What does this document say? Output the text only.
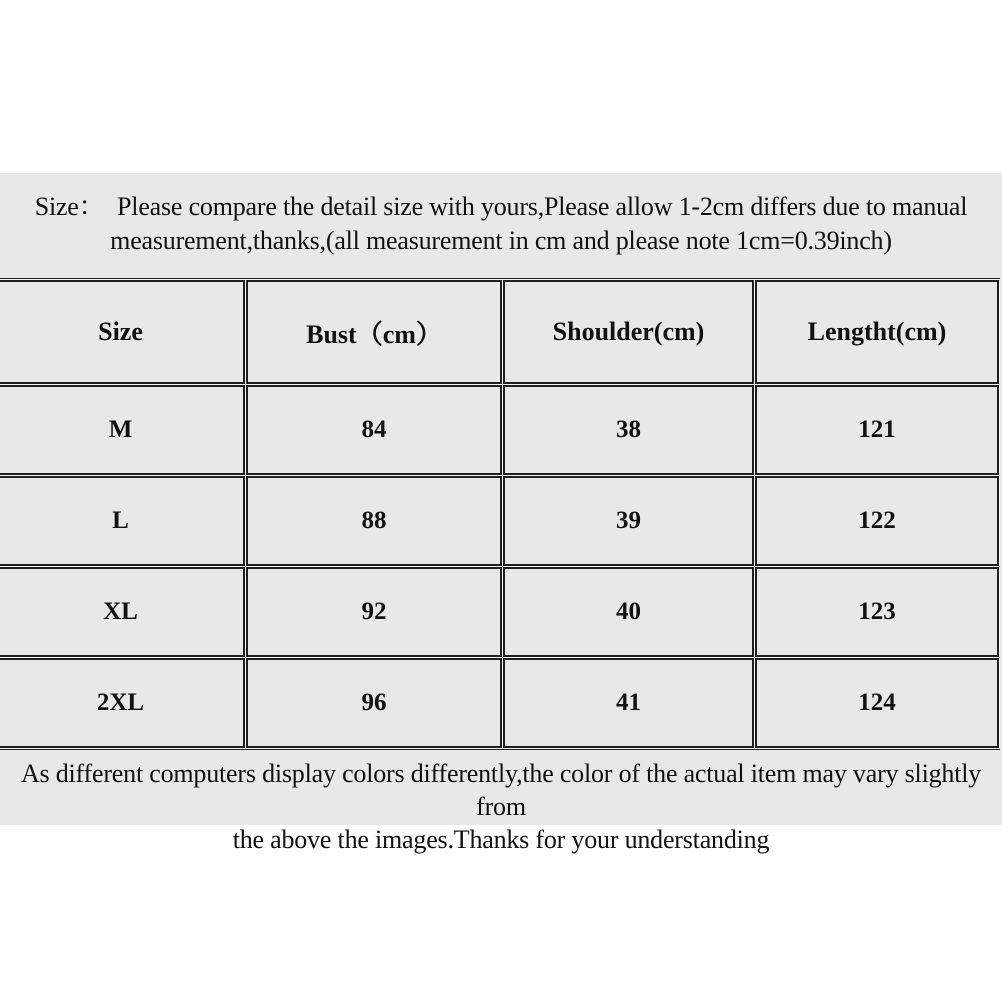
Size：  Please compare the detail size with yours,Please allow 1-2cm differs due to manual
measurement,thanks,(all measurement in cm and please note 1cm=0.39inch)
Size	Bust（cm）	Shoulder(cm)	Lengtht(cm)
M	84	38	121
L	88	39	122
XL	92	40	123
2XL	96	41	124
As different computers display colors differently,the color of the actual item may vary slightly from
the above the images.Thanks for your understanding
